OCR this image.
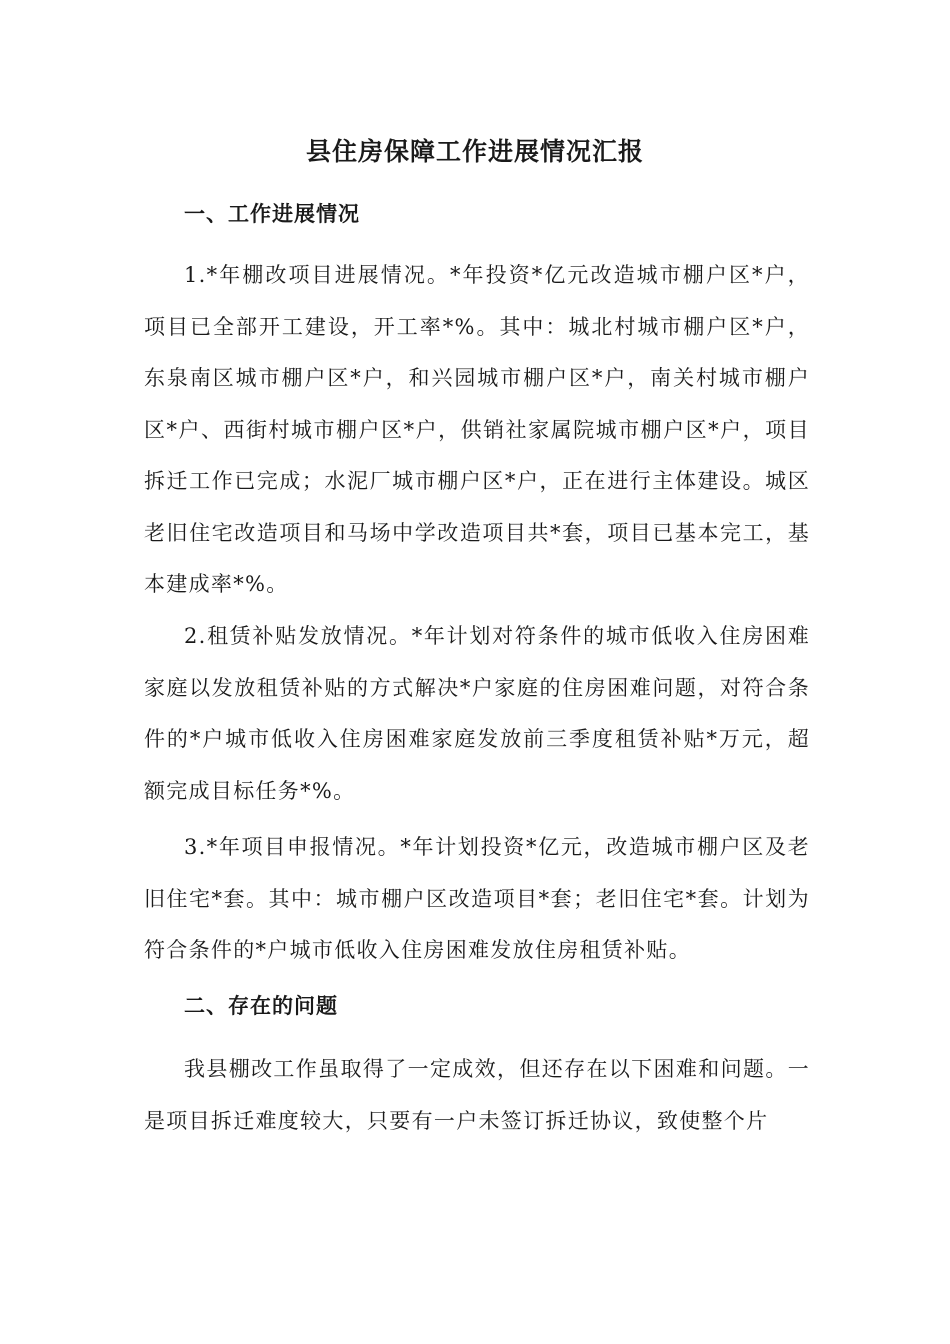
县住房保障工作进展情况汇报
一、工作进展情况

1.*年棚改项目进展情况。*年投资*亿元改造城市棚户区*户，项目已全部开工建设，开工率*%。其中：城北村城市棚户区*户，东泉南区城市棚户区*户，和兴园城市棚户区*户，南关村城市棚户区*户、西街村城市棚户区*户，供销社家属院城市棚户区*户，项目拆迁工作已完成；水泥厂城市棚户区*户，正在进行主体建设。城区老旧住宅改造项目和马场中学改造项目共*套，项目已基本完工，基本建成率*%。

2.租赁补贴发放情况。*年计划对符条件的城市低收入住房困难家庭以发放租赁补贴的方式解决*户家庭的住房困难问题，对符合条件的*户城市低收入住房困难家庭发放前三季度租赁补贴*万元，超额完成目标任务*%。

3.*年项目申报情况。*年计划投资*亿元，改造城市棚户区及老旧住宅*套。其中：城市棚户区改造项目*套；老旧住宅*套。计划为符合条件的*户城市低收入住房困难发放住房租赁补贴。

二、存在的问题

我县棚改工作虽取得了一定成效，但还存在以下困难和问题。一是项目拆迁难度较大，只要有一户未签订拆迁协议，致使整个片
